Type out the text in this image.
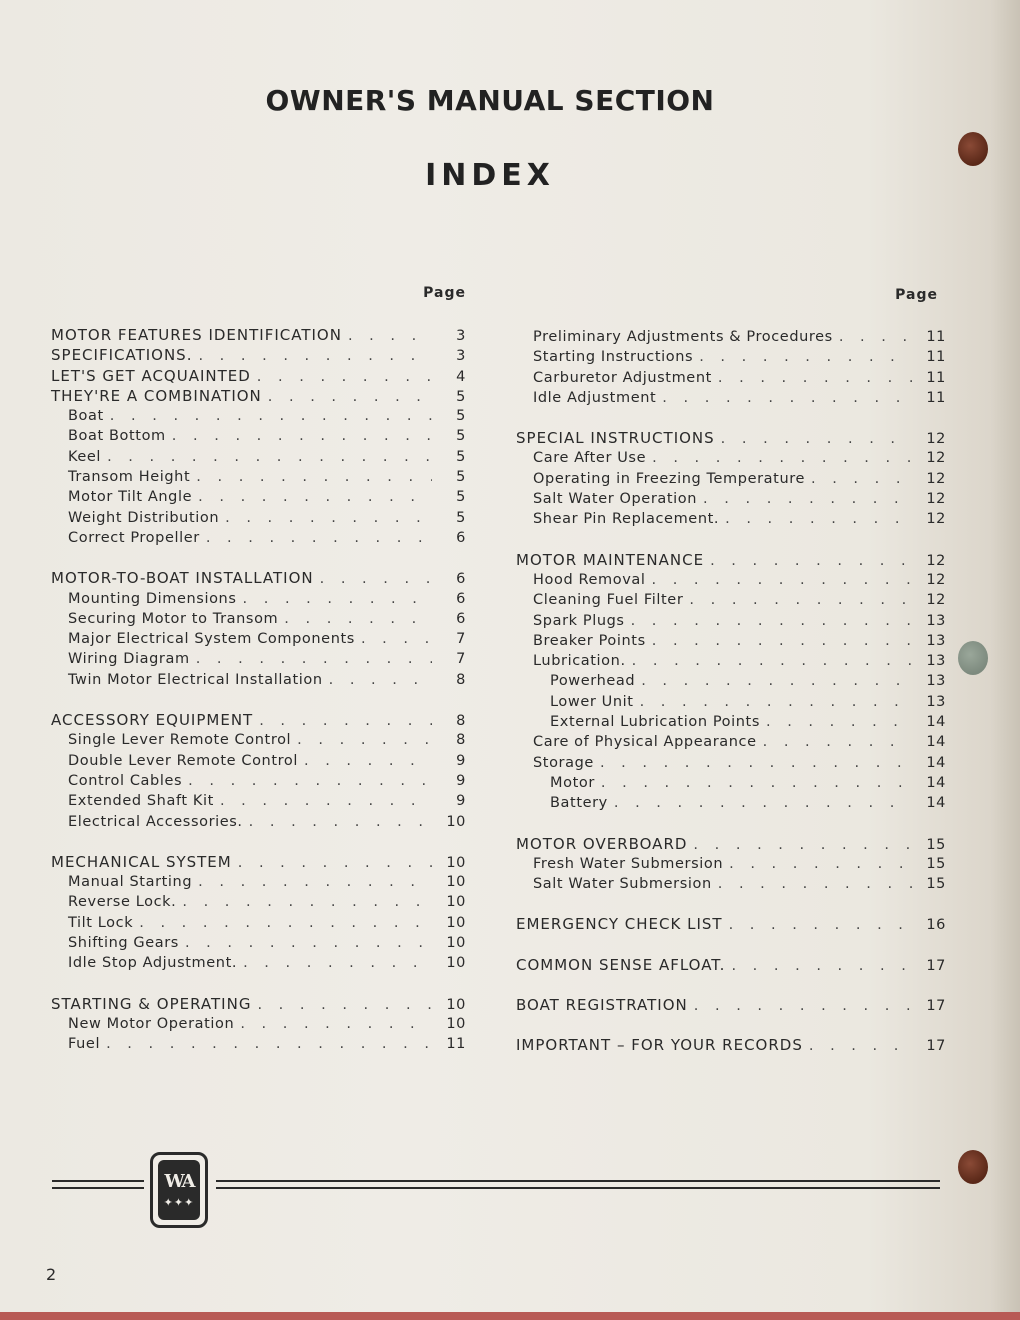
OWNER'S MANUAL SECTION
INDEX
Page
MOTOR FEATURES IDENTIFICATION . . .	3
SPECIFICATIONS. . . .	3
LET'S GET ACQUAINTED . . .	4
THEY'RE A COMBINATION . . .	5
Boat . . .	5
Boat Bottom . . .	5
Keel . . .	5
Transom Height . . .	5
Motor Tilt Angle . . .	5
Weight Distribution . . .	5
Correct Propeller . . .	6
MOTOR-TO-BOAT INSTALLATION . . .	6
Mounting Dimensions . . .	6
Securing Motor to Transom . . .	6
Major Electrical System Components . . .	7
Wiring Diagram . . .	7
Twin Motor Electrical Installation . . .	8
ACCESSORY EQUIPMENT . . .	8
Single Lever Remote Control . . .	8
Double Lever Remote Control . . .	9
Control Cables . . .	9
Extended Shaft Kit . . .	9
Electrical Accessories. . . .	10
MECHANICAL SYSTEM . . .	10
Manual Starting . . .	10
Reverse Lock. . . .	10
Tilt Lock . . .	10
Shifting Gears . . .	10
Idle Stop Adjustment. . . .	10
STARTING & OPERATING . . .	10
New Motor Operation . . .	10
Fuel . . .	11
Page
Preliminary Adjustments & Procedures . . .	11
Starting Instructions . . .	11
Carburetor Adjustment . . .	11
Idle Adjustment . . .	11
SPECIAL INSTRUCTIONS . . .	12
Care After Use . . .	12
Operating in Freezing Temperature . . .	12
Salt Water Operation . . .	12
Shear Pin Replacement. . . .	12
MOTOR MAINTENANCE . . .	12
Hood Removal . . .	12
Cleaning Fuel Filter . . .	12
Spark Plugs . . .	13
Breaker Points . . .	13
Lubrication. . . .	13
Powerhead . . .	13
Lower Unit . . .	13
External Lubrication Points . . .	14
Care of Physical Appearance . . .	14
Storage . . .	14
Motor . . .	14
Battery . . .	14
MOTOR OVERBOARD . . .	15
Fresh Water Submersion . . .	15
Salt Water Submersion . . .	15
EMERGENCY CHECK LIST . . .	16
COMMON SENSE AFLOAT. . . .	17
BOAT REGISTRATION . . .	17
IMPORTANT – FOR YOUR RECORDS . . .	17
WA
✦✦✦
2
